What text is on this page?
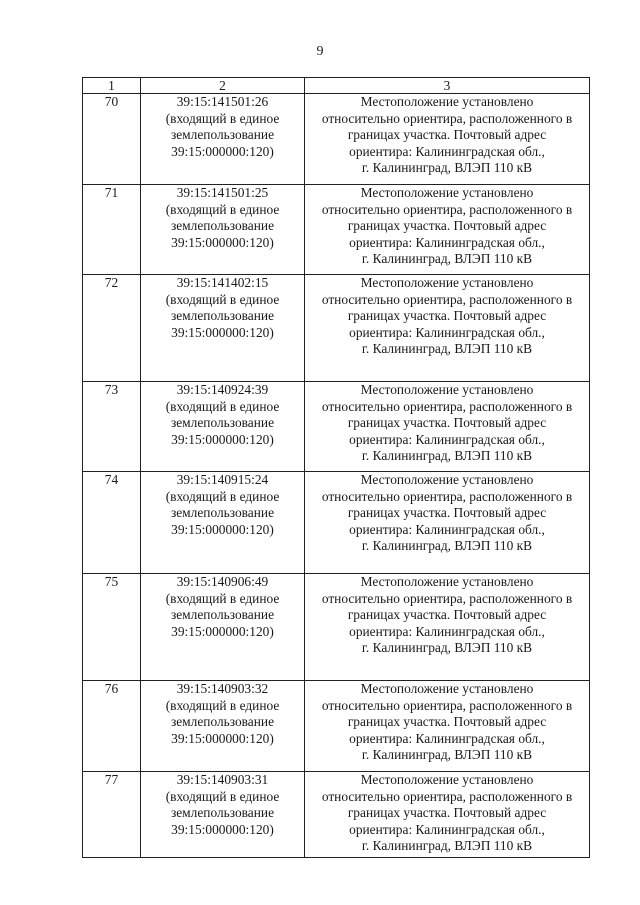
9
1	2	3
70	39:15:141501:26
(входящий в единое
землепользование
39:15:000000:120)	Местоположение установлено
относительно ориентира, расположенного в
границах участка. Почтовый адрес
ориентира: Калининградская обл.,
г. Калининград, ВЛЭП 110 кВ

71	39:15:141501:25
(входящий в единое
землепользование
39:15:000000:120)	Местоположение установлено
относительно ориентира, расположенного в
границах участка. Почтовый адрес
ориентира: Калининградская обл.,
г. Калининград, ВЛЭП 110 кВ

72	39:15:141402:15
(входящий в единое
землепользование
39:15:000000:120)	Местоположение установлено
относительно ориентира, расположенного в
границах участка. Почтовый адрес
ориентира: Калининградская обл.,
г. Калининград, ВЛЭП 110 кВ

73	39:15:140924:39
(входящий в единое
землепользование
39:15:000000:120)	Местоположение установлено
относительно ориентира, расположенного в
границах участка. Почтовый адрес
ориентира: Калининградская обл.,
г. Калининград, ВЛЭП 110 кВ

74	39:15:140915:24
(входящий в единое
землепользование
39:15:000000:120)	Местоположение установлено
относительно ориентира, расположенного в
границах участка. Почтовый адрес
ориентира: Калининградская обл.,
г. Калининград, ВЛЭП 110 кВ

75	39:15:140906:49
(входящий в единое
землепользование
39:15:000000:120)	Местоположение установлено
относительно ориентира, расположенного в
границах участка. Почтовый адрес
ориентира: Калининградская обл.,
г. Калининград, ВЛЭП 110 кВ

76	39:15:140903:32
(входящий в единое
землепользование
39:15:000000:120)	Местоположение установлено
относительно ориентира, расположенного в
границах участка. Почтовый адрес
ориентира: Калининградская обл.,
г. Калининград, ВЛЭП 110 кВ

77	39:15:140903:31
(входящий в единое
землепользование
39:15:000000:120)	Местоположение установлено
относительно ориентира, расположенного в
границах участка. Почтовый адрес
ориентира: Калининградская обл.,
г. Калининград, ВЛЭП 110 кВ
